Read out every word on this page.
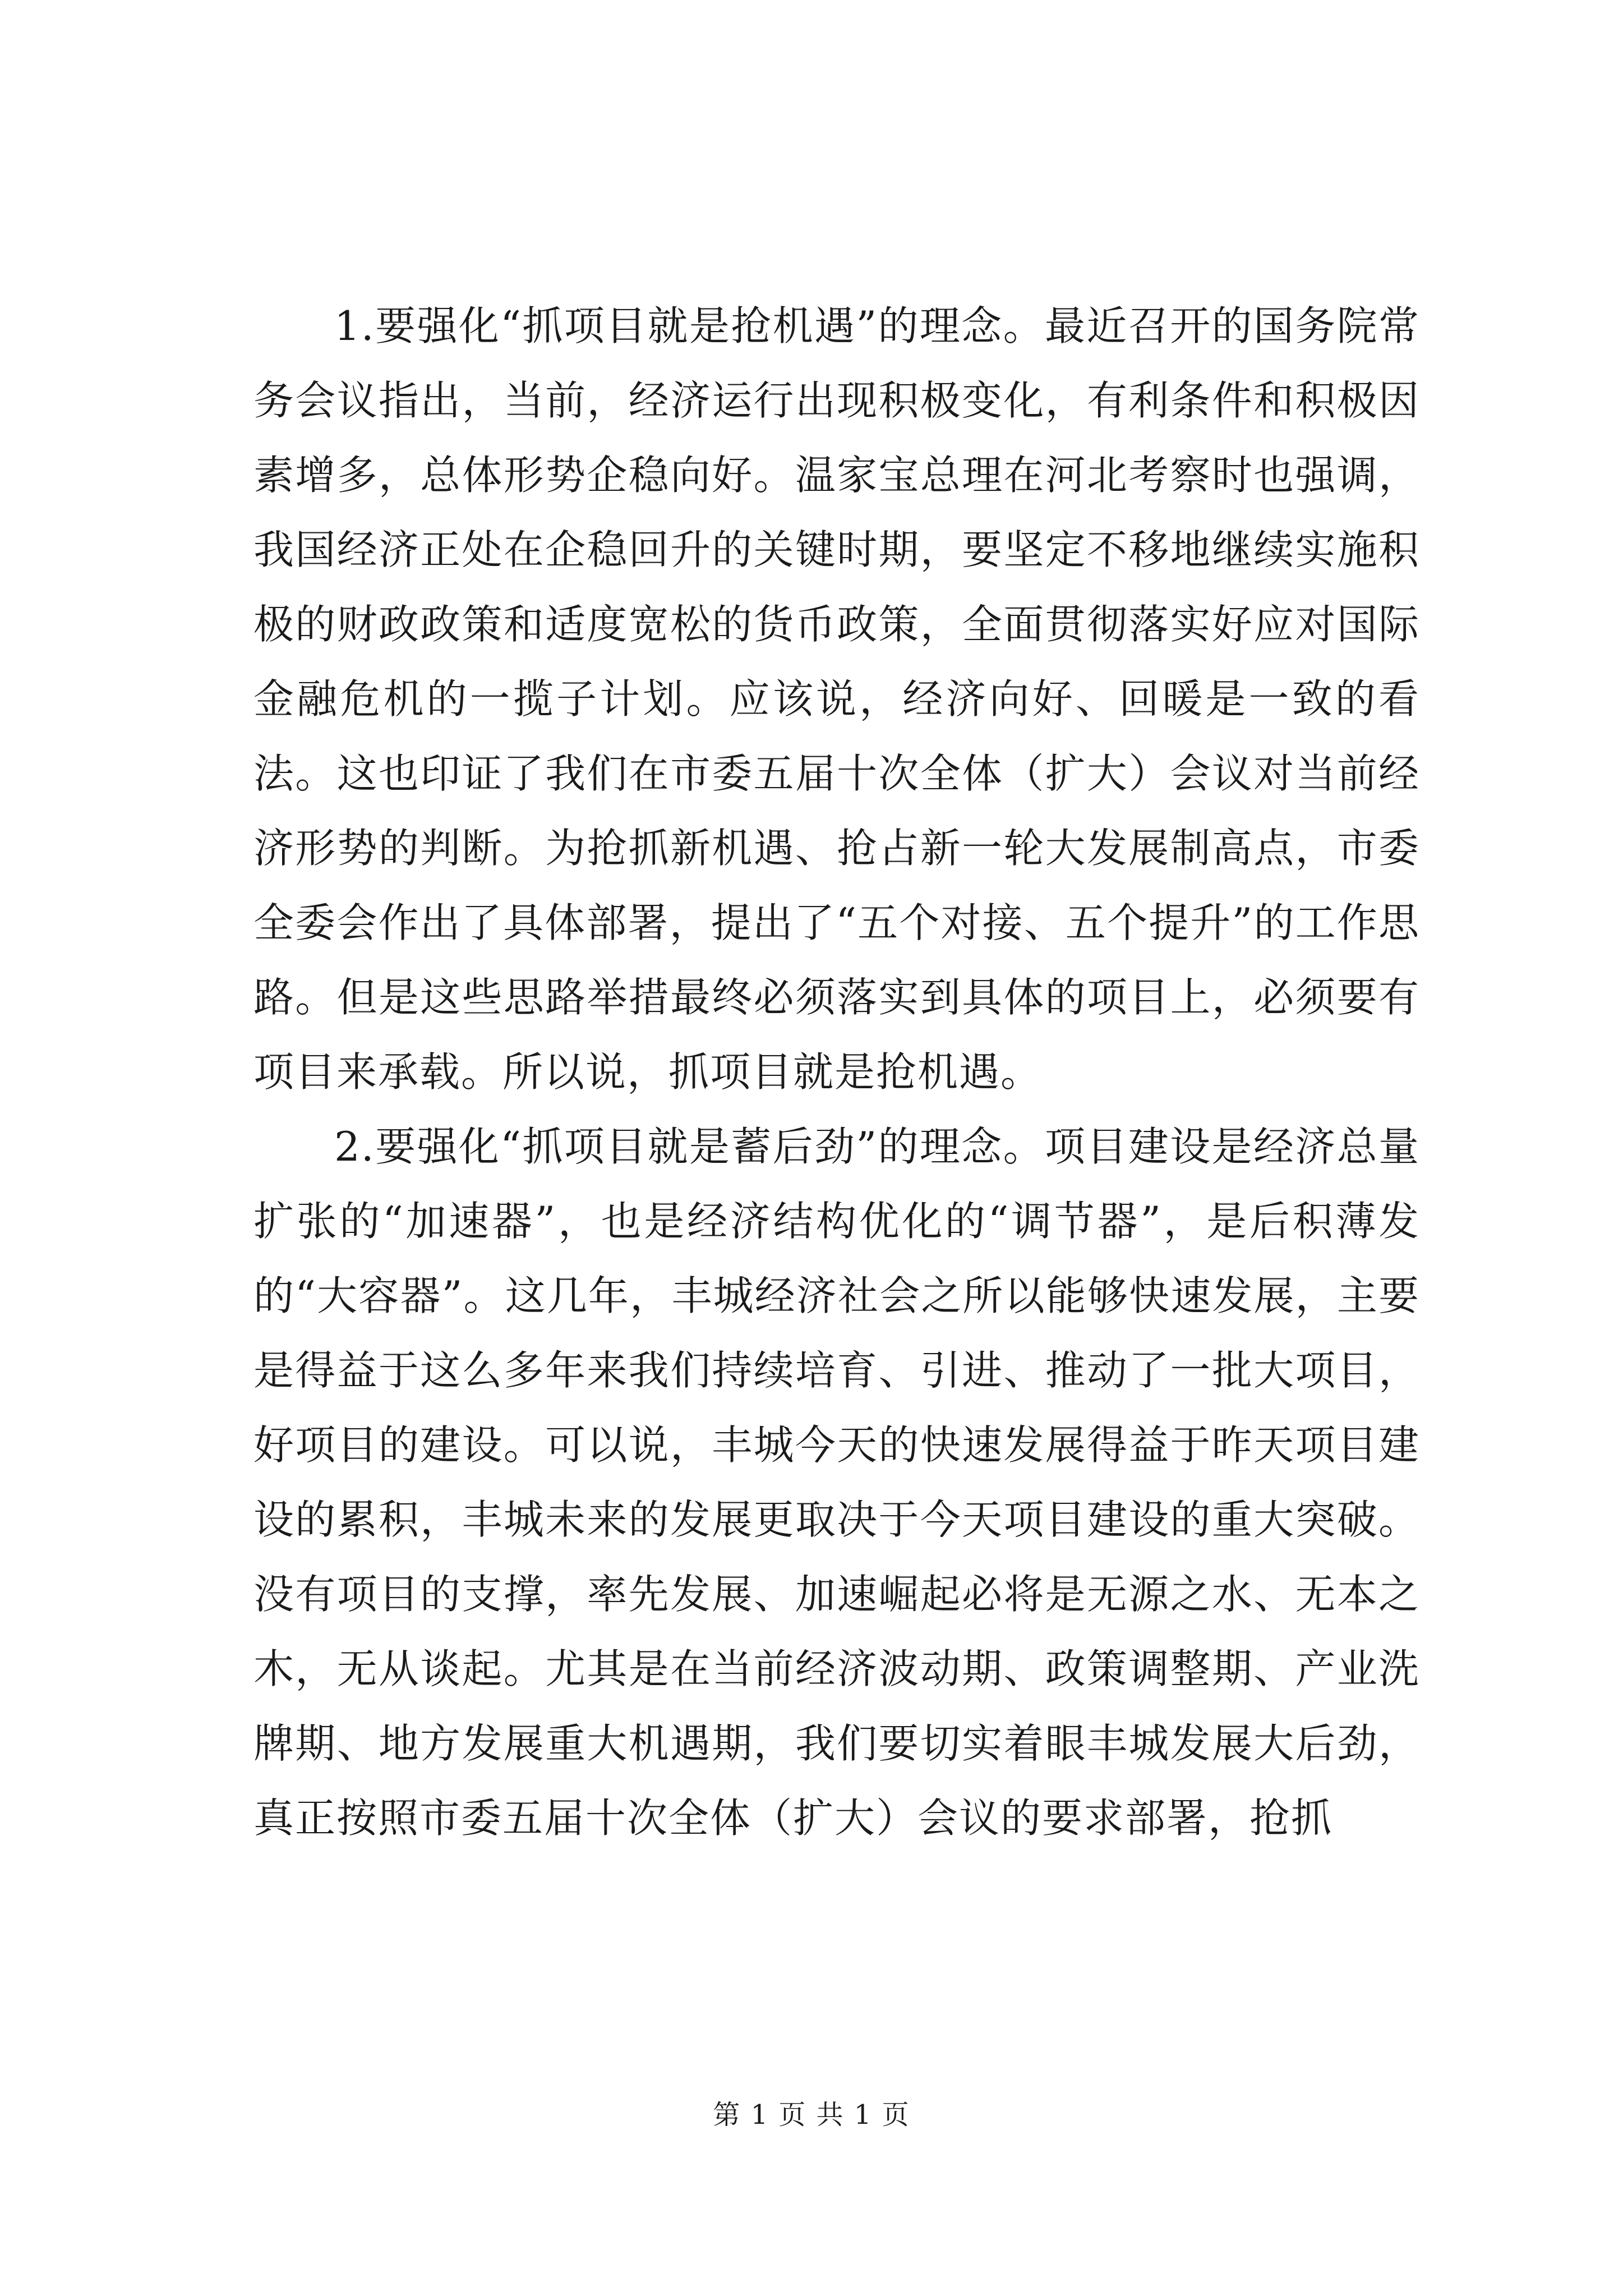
1.要强化“抓项目就是抢机遇”的理念。最近召开的国务院常务会议指出，当前，经济运行出现积极变化，有利条件和积极因素增多，总体形势企稳向好。温家宝总理在河北考察时也强调，我国经济正处在企稳回升的关键时期，要坚定不移地继续实施积极的财政政策和适度宽松的货币政策，全面贯彻落实好应对国际金融危机的一揽子计划。应该说，经济向好、回暖是一致的看法。这也印证了我们在市委五届十次全体（扩大）会议对当前经济形势的判断。为抢抓新机遇、抢占新一轮大发展制高点，市委全委会作出了具体部署，提出了“五个对接、五个提升”的工作思路。但是这些思路举措最终必须落实到具体的项目上，必须要有项目来承载。所以说，抓项目就是抢机遇。

2.要强化“抓项目就是蓄后劲”的理念。项目建设是经济总量扩张的“加速器”，也是经济结构优化的“调节器”，是后积薄发的“大容器”。这几年，丰城经济社会之所以能够快速发展，主要是得益于这么多年来我们持续培育、引进、推动了一批大项目，好项目的建设。可以说，丰城今天的快速发展得益于昨天项目建设的累积，丰城未来的发展更取决于今天项目建设的重大突破。没有项目的支撑，率先发展、加速崛起必将是无源之水、无本之木，无从谈起。尤其是在当前经济波动期、政策调整期、产业洗牌期、地方发展重大机遇期，我们要切实着眼丰城发展大后劲，真正按照市委五届十次全体（扩大）会议的要求部署，抢抓

第 1 页 共 1 页
